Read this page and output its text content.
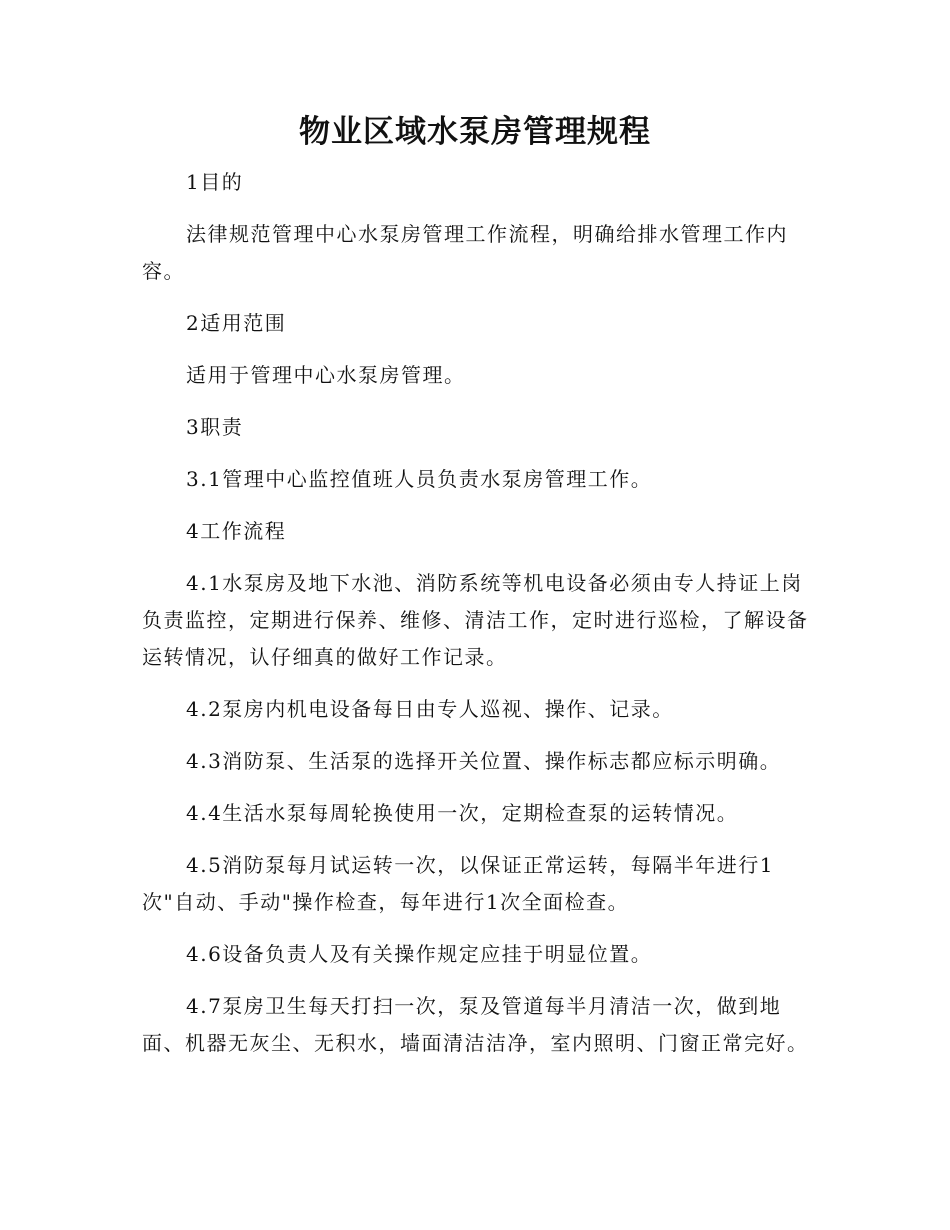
物业区域水泵房管理规程

1目的

法律规范管理中心水泵房管理工作流程，明确给排水管理工作内容。

2适用范围

适用于管理中心水泵房管理。

3职责

3.1管理中心监控值班人员负责水泵房管理工作。

4工作流程

4.1水泵房及地下水池、消防系统等机电设备必须由专人持证上岗负责监控，定期进行保养、维修、清洁工作，定时进行巡检，了解设备运转情况，认仔细真的做好工作记录。

4.2泵房内机电设备每日由专人巡视、操作、记录。

4.3消防泵、生活泵的选择开关位置、操作标志都应标示明确。

4.4生活水泵每周轮换使用一次，定期检查泵的运转情况。

4.5消防泵每月试运转一次，以保证正常运转，每隔半年进行1次"自动、手动"操作检查，每年进行1次全面检查。

4.6设备负责人及有关操作规定应挂于明显位置。

4.7泵房卫生每天打扫一次，泵及管道每半月清洁一次，做到地面、机器无灰尘、无积水，墙面清洁洁净，室内照明、门窗正常完好。
